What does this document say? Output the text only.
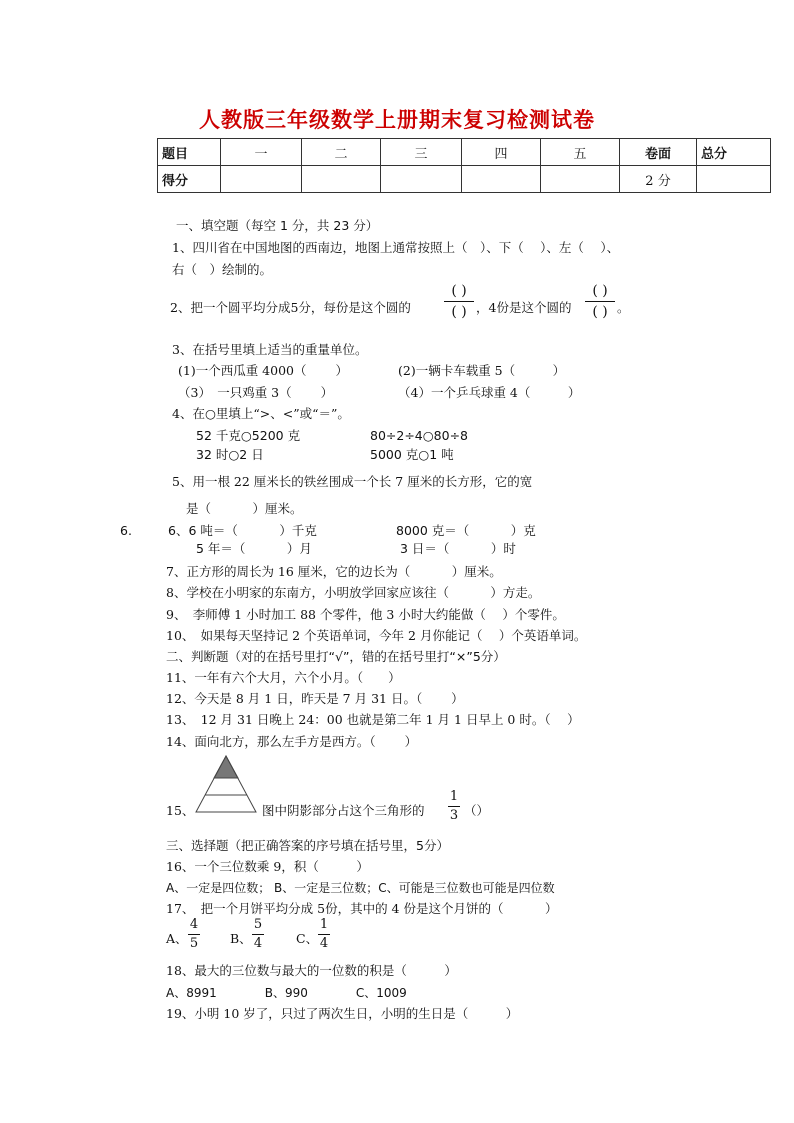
人教版三年级数学上册期末复习检测试卷
题目	一	二	三	四	五	卷面	总分
得分						2 分	
一、填空题（每空 1 分，共 23 分）
1、四川省在中国地图的西南边，地图上通常按照上（　）、下（　 ）、左（　 ）、
右（　）绘制的。
2、把一个圆平均分成5分，每份是这个圆的
( )
( ) ，4份是这个圆的
( )
( ) 。
3、在括号里填上适当的重量单位。
(1)一个西瓜重 4000（　　 ）	(2)一辆卡车载重 5（　　　）
（3）　一只鸡重 3（　　 ）	（4）一个乒乓球重 4（　　　）
4、在○里填上“>、<”或“＝”。
52 千克○5200 克	80÷2÷4○80÷8
32 时○2 日	5000 克○1 吨
5、用一根 22 厘米长的铁丝围成一个长 7 厘米的长方形，它的宽
是（　　　 ）厘米。
6.	6、6 吨＝（　　　 ）千克	8000 克＝（　　　 ）克
5 年＝（　　　 ）月	3 日＝（　　　 ）时
7、正方形的周长为 16 厘米，它的边长为（　　　 ）厘米。
8、学校在小明家的东南方，小明放学回家应该往（　　　 ）方走。
9、　李师傅 1 小时加工 88 个零件，他 3 小时大约能做（　 ）个零件。
10、　如果每天坚持记 2 个英语单词，今年 2 月你能记（　 ）个英语单词。
二、判断题（对的在括号里打“√”，错的在括号里打“×”5分）
11、一年有六个大月，六个小月。（　　）
12、今天是 8 月 1 日，昨天是 7 月 31 日。（　　 ）
13、　12 月 31 日晚上 24：00 也就是第二年 1 月 1 日早上 0 时。（　 ）
14、面向北方，那么左手方是西方。（　　 ）
15、	图中阴影部分占这个三角形的 $\frac{1}{3}$ （）
三、选择题（把正确答案的序号填在括号里，5分）
16、一个三位数乘 9，积（　　　）
A、一定是四位数； B、一定是三位数；C、可能是三位数也可能是四位数
17、　把一个月饼平均分成 5份，其中的 4 份是这个月饼的（　　　 ）
A、 $\frac{4}{5}$ B、 $\frac{5}{4}$	C、 $\frac{1}{4}$
18、最大的三位数与最大的一位数的积是（　　　）
A、8991　　　　B、990　　　　C、1009
19、小明 10 岁了，只过了两次生日，小明的生日是（　　　）
